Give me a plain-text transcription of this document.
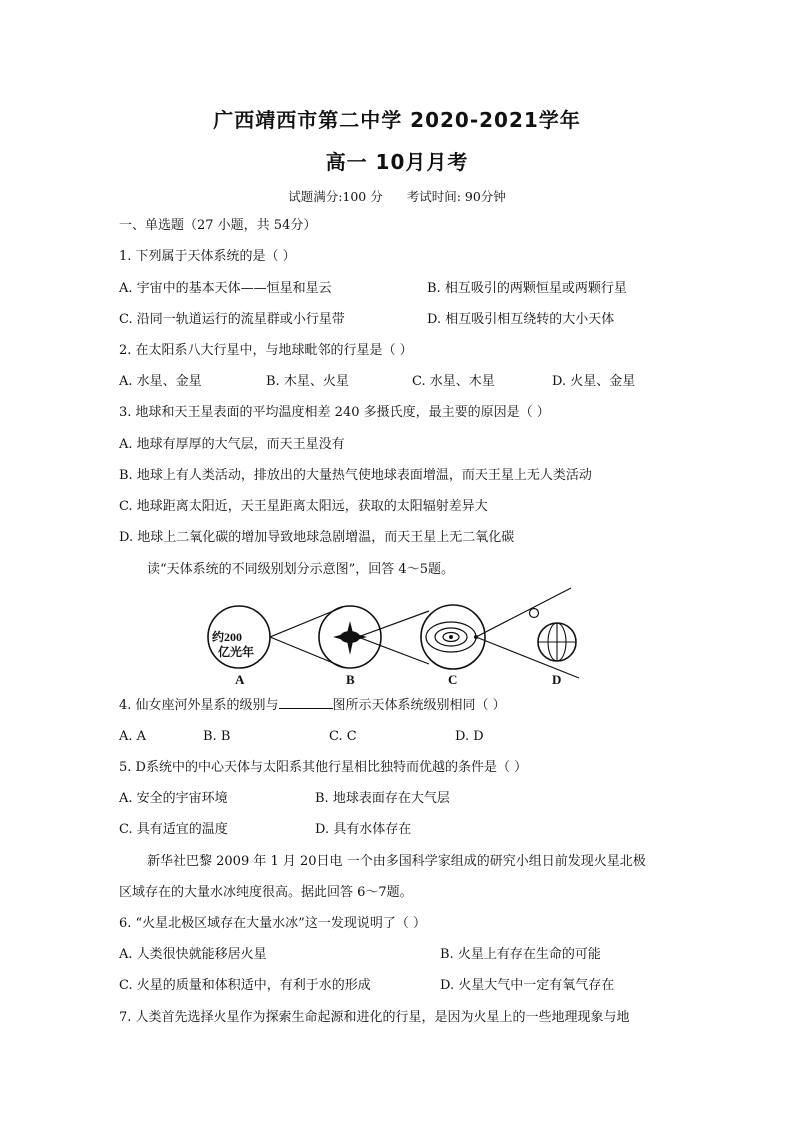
广西靖西市第二中学 2020-2021学年
高一 10月月考
试题满分:100 分 考试时间: 90分钟
一、单选题（27 小题，共 54分）
1. 下列属于天体系统的是（ ）
A. 宇宙中的基本天体——恒星和星云	B. 相互吸引的两颗恒星或两颗行星
C. 沿同一轨道运行的流星群或小行星带	D. 相互吸引相互绕转的大小天体
2. 在太阳系八大行星中，与地球毗邻的行星是（ ）
A. 水星、金星	B. 木星、火星	C. 水星、木星	D. 火星、金星
3. 地球和天王星表面的平均温度相差 240 多摄氏度，最主要的原因是（ ）
A. 地球有厚厚的大气层，而天王星没有
B. 地球上有人类活动，排放出的大量热气使地球表面增温，而天王星上无人类活动
C. 地球距离太阳近，天王星距离太阳远，获取的太阳辐射差异大
D. 地球上二氧化碳的增加导致地球急剧增温，而天王星上无二氧化碳
读“天体系统的不同级别划分示意图”，回答 4～5题。
约200
亿光年
A	B	C	D
4. 仙女座河外星系的级别与	图所示天体系统级别相同（ ）
A. A	B. B	C. C	D. D
5. D系统中的中心天体与太阳系其他行星相比独特而优越的条件是（ ）
A. 安全的宇宙环境	B. 地球表面存在大气层
C. 具有适宜的温度	D. 具有水体存在
新华社巴黎 2009 年 1 月 20日电 一个由多国科学家组成的研究小组日前发现火星北极
区域存在的大量水冰纯度很高。据此回答 6～7题。
6. “火星北极区域存在大量水冰”这一发现说明了（ ）
A. 人类很快就能移居火星	B. 火星上有存在生命的可能
C. 火星的质量和体积适中，有利于水的形成	D. 火星大气中一定有氧气存在
7. 人类首先选择火星作为探索生命起源和进化的行星，是因为火星上的一些地理现象与地
